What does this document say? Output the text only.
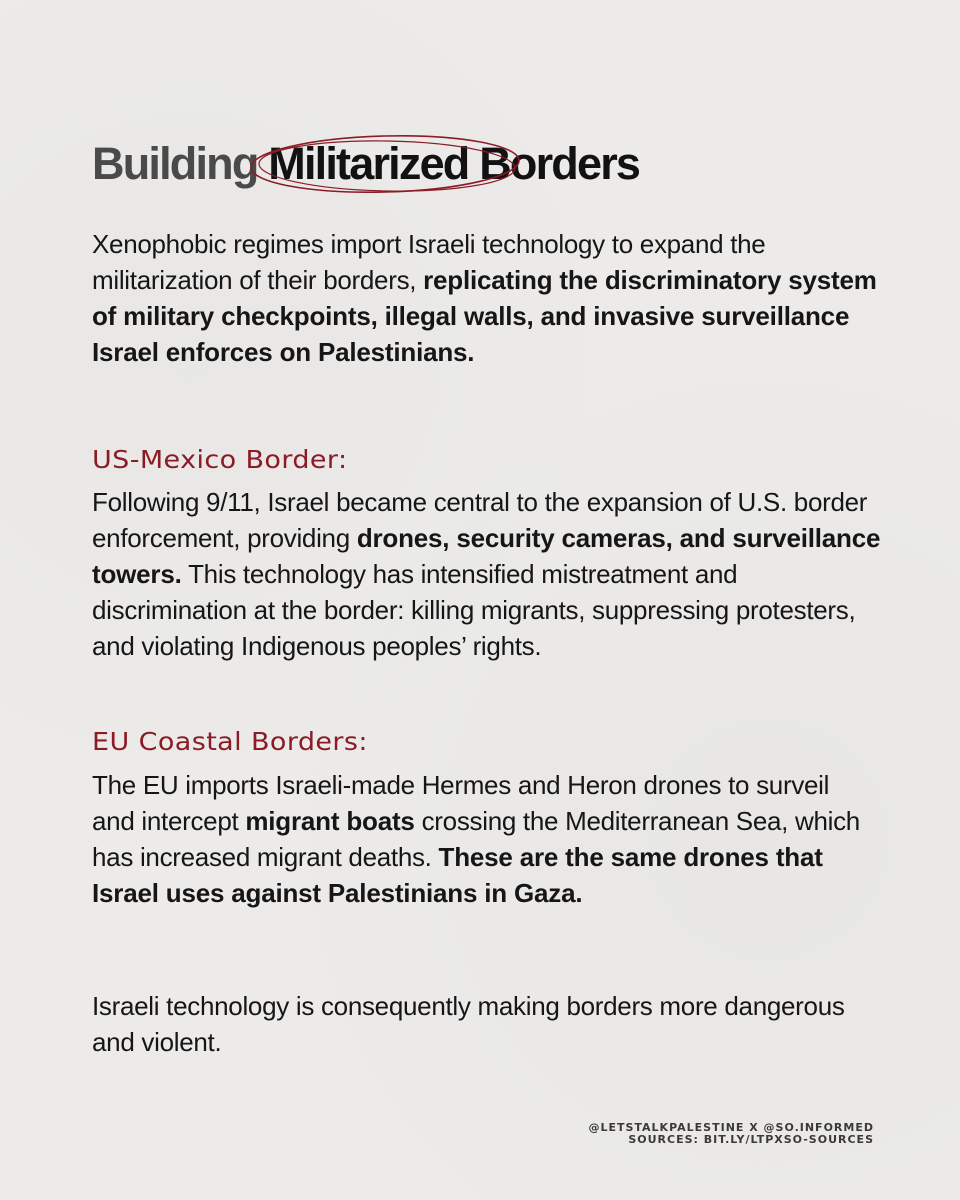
Building Militarized Borders

Xenophobic regimes import Israeli technology to expand the militarization of their borders, replicating the discriminatory system of military checkpoints, illegal walls, and invasive surveillance Israel enforces on Palestinians.

US-Mexico Border:

Following 9/11, Israel became central to the expansion of U.S. border enforcement, providing drones, security cameras, and surveillance towers. This technology has intensified mistreatment and discrimination at the border: killing migrants, suppressing protesters, and violating Indigenous peoples’ rights.

EU Coastal Borders:

The EU imports Israeli-made Hermes and Heron drones to surveil and intercept migrant boats crossing the Mediterranean Sea, which has increased migrant deaths. These are the same drones that Israel uses against Palestinians in Gaza.

Israeli technology is consequently making borders more dangerous and violent.

@LETSTALKPALESTINE X @SO.INFORMED
SOURCES: BIT.LY/LTPXSO-SOURCES
